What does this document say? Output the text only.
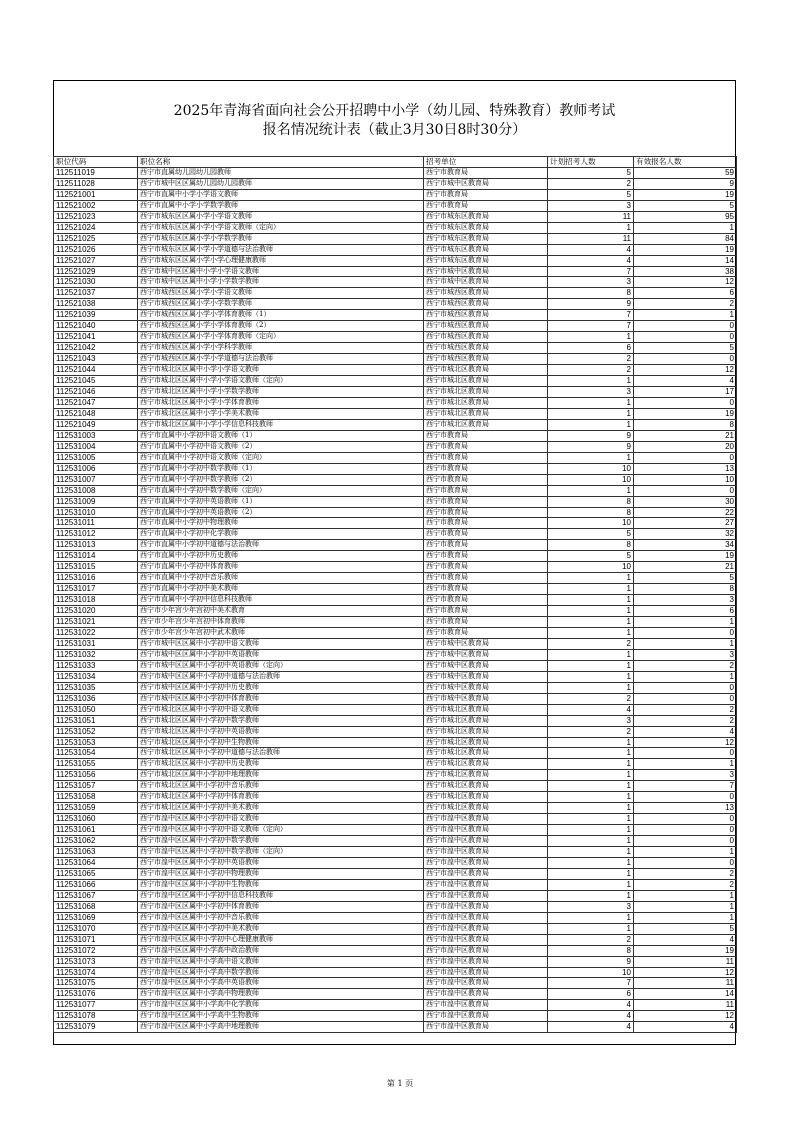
2025年青海省面向社会公开招聘中小学（幼儿园、特殊教育）教师考试
报名情况统计表（截止3月30日8时30分）
职位代码	职位名称	招考单位	计划招考人数	有效报名人数
112511019	西宁市直属幼儿园幼儿园教师	西宁市教育局	5	59
112511028	西宁市城中区区属幼儿园幼儿园教师	西宁市城中区教育局	2	9
112521001	西宁市直属中小学小学语文教师	西宁市教育局	5	19
112521002	西宁市直属中小学小学数学教师	西宁市教育局	3	5
112521023	西宁市城东区区属小学小学语文教师	西宁市城东区教育局	11	95
112521024	西宁市城东区区属小学小学语文教师（定向）	西宁市城东区教育局	1	1
112521025	西宁市城东区区属小学小学数学教师	西宁市城东区教育局	11	84
112521026	西宁市城东区区属小学小学道德与法治教师	西宁市城东区教育局	4	19
112521027	西宁市城东区区属小学小学心理健康教师	西宁市城东区教育局	4	14
112521029	西宁市城中区区属中小学小学语文教师	西宁市城中区教育局	7	38
112521030	西宁市城中区区属中小学小学数学教师	西宁市城中区教育局	3	12
112521037	西宁市城西区区属小学小学语文教师	西宁市城西区教育局	8	6
112521038	西宁市城西区区属小学小学数学教师	西宁市城西区教育局	9	2
112521039	西宁市城西区区属小学小学体育教师（1）	西宁市城西区教育局	7	1
112521040	西宁市城西区区属小学小学体育教师（2）	西宁市城西区教育局	7	0
112521041	西宁市城西区区属小学小学体育教师（定向）	西宁市城西区教育局	1	0
112521042	西宁市城西区区属小学小学科学教师	西宁市城西区教育局	6	5
112521043	西宁市城西区区属小学小学道德与法治教师	西宁市城西区教育局	2	0
112521044	西宁市城北区区属中小学小学语文教师	西宁市城北区教育局	2	12
112521045	西宁市城北区区属中小学小学语文教师（定向）	西宁市城北区教育局	1	4
112521046	西宁市城北区区属中小学小学数学教师	西宁市城北区教育局	3	17
112521047	西宁市城北区区属中小学小学体育教师	西宁市城北区教育局	1	0
112521048	西宁市城北区区属中小学小学美术教师	西宁市城北区教育局	1	19
112521049	西宁市城北区区属中小学小学信息科技教师	西宁市城北区教育局	1	8
112531003	西宁市直属中小学初中语文教师（1）	西宁市教育局	9	21
112531004	西宁市直属中小学初中语文教师（2）	西宁市教育局	9	20
112531005	西宁市直属中小学初中语文教师（定向）	西宁市教育局	1	0
112531006	西宁市直属中小学初中数学教师（1）	西宁市教育局	10	13
112531007	西宁市直属中小学初中数学教师（2）	西宁市教育局	10	10
112531008	西宁市直属中小学初中数学教师（定向）	西宁市教育局	1	0
112531009	西宁市直属中小学初中英语教师（1）	西宁市教育局	8	30
112531010	西宁市直属中小学初中英语教师（2）	西宁市教育局	8	22
112531011	西宁市直属中小学初中物理教师	西宁市教育局	10	27
112531012	西宁市直属中小学初中化学教师	西宁市教育局	5	32
112531013	西宁市直属中小学初中道德与法治教师	西宁市教育局	8	34
112531014	西宁市直属中小学初中历史教师	西宁市教育局	5	19
112531015	西宁市直属中小学初中体育教师	西宁市教育局	10	21
112531016	西宁市直属中小学初中音乐教师	西宁市教育局	1	5
112531017	西宁市直属中小学初中美术教师	西宁市教育局	1	8
112531018	西宁市直属中小学初中信息科技教师	西宁市教育局	1	3
112531020	西宁市少年宫少年宫初中美术教育	西宁市教育局	1	6
112531021	西宁市少年宫少年宫初中体育教师	西宁市教育局	1	1
112531022	西宁市少年宫少年宫初中武术教师	西宁市教育局	1	0
112531031	西宁市城中区区属中小学初中语文教师	西宁市城中区教育局	2	1
112531032	西宁市城中区区属中小学初中英语教师	西宁市城中区教育局	1	3
112531033	西宁市城中区区属中小学初中英语教师（定向）	西宁市城中区教育局	1	2
112531034	西宁市城中区区属中小学初中道德与法治教师	西宁市城中区教育局	1	1
112531035	西宁市城中区区属中小学初中历史教师	西宁市城中区教育局	1	0
112531036	西宁市城中区区属中小学初中体育教师	西宁市城中区教育局	2	0
112531050	西宁市城北区区属中小学初中语文教师	西宁市城北区教育局	4	2
112531051	西宁市城北区区属中小学初中数学教师	西宁市城北区教育局	3	2
112531052	西宁市城北区区属中小学初中英语教师	西宁市城北区教育局	2	4
112531053	西宁市城北区区属中小学初中生物教师	西宁市城北区教育局	1	12
112531054	西宁市城北区区属中小学初中道德与法治教师	西宁市城北区教育局	1	0
112531055	西宁市城北区区属中小学初中历史教师	西宁市城北区教育局	1	1
112531056	西宁市城北区区属中小学初中地理教师	西宁市城北区教育局	1	3
112531057	西宁市城北区区属中小学初中音乐教师	西宁市城北区教育局	1	7
112531058	西宁市城北区区属中小学初中体育教师	西宁市城北区教育局	1	0
112531059	西宁市城北区区属中小学初中美术教师	西宁市城北区教育局	1	13
112531060	西宁市湟中区区属中小学初中语文教师	西宁市湟中区教育局	1	0
112531061	西宁市湟中区区属中小学初中语文教师（定向）	西宁市湟中区教育局	1	0
112531062	西宁市湟中区区属中小学初中数学教师	西宁市湟中区教育局	1	0
112531063	西宁市湟中区区属中小学初中数学教师（定向）	西宁市湟中区教育局	1	1
112531064	西宁市湟中区区属中小学初中英语教师	西宁市湟中区教育局	1	0
112531065	西宁市湟中区区属中小学初中物理教师	西宁市湟中区教育局	1	2
112531066	西宁市湟中区区属中小学初中生物教师	西宁市湟中区教育局	1	2
112531067	西宁市湟中区区属中小学初中信息科技教师	西宁市湟中区教育局	1	1
112531068	西宁市湟中区区属中小学初中体育教师	西宁市湟中区教育局	3	1
112531069	西宁市湟中区区属中小学初中音乐教师	西宁市湟中区教育局	1	1
112531070	西宁市湟中区区属中小学初中美术教师	西宁市湟中区教育局	1	5
112531071	西宁市湟中区区属中小学初中心理健康教师	西宁市湟中区教育局	2	4
112531072	西宁市湟中区区属中小学高中政治教师	西宁市湟中区教育局	8	19
112531073	西宁市湟中区区属中小学高中语文教师	西宁市湟中区教育局	9	11
112531074	西宁市湟中区区属中小学高中数学教师	西宁市湟中区教育局	10	12
112531075	西宁市湟中区区属中小学高中英语教师	西宁市湟中区教育局	7	11
112531076	西宁市湟中区区属中小学高中物理教师	西宁市湟中区教育局	6	14
112531077	西宁市湟中区区属中小学高中化学教师	西宁市湟中区教育局	4	11
112531078	西宁市湟中区区属中小学高中生物教师	西宁市湟中区教育局	4	12
112531079	西宁市湟中区区属中小学高中地理教师	西宁市湟中区教育局	4	4
第 1 页
